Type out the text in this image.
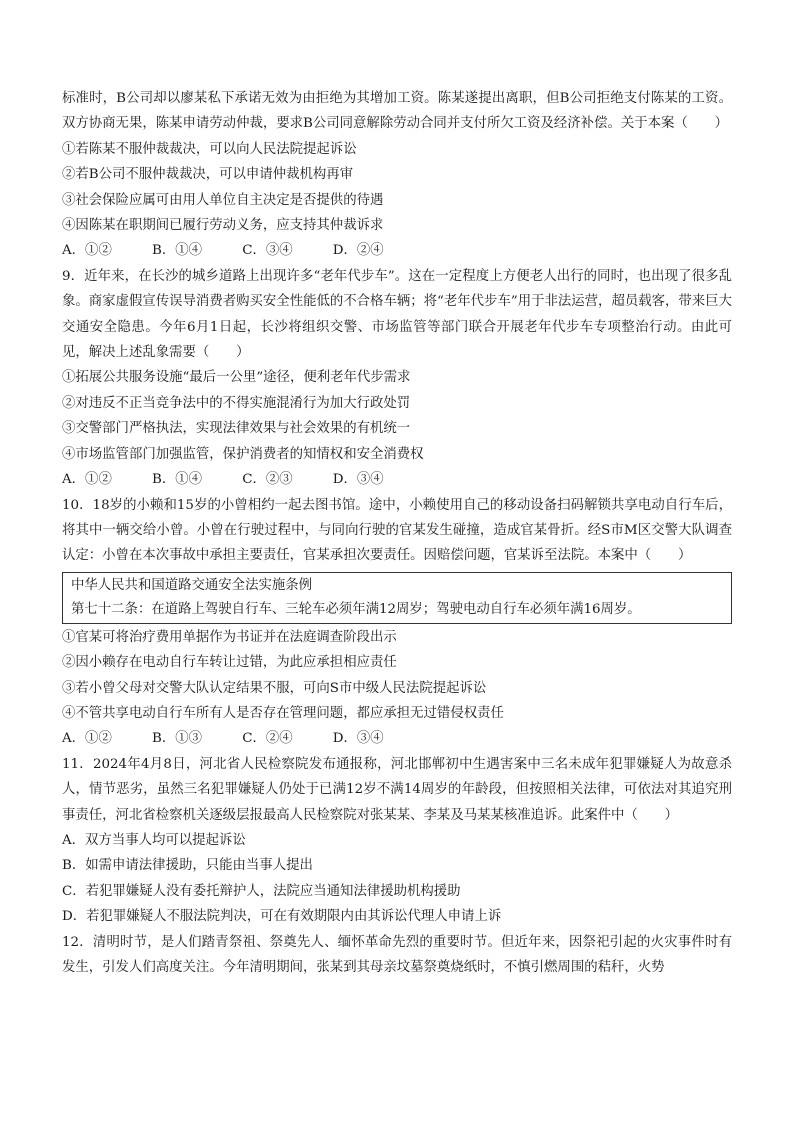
标准时，B公司却以廖某私下承诺无效为由拒绝为其增加工资。陈某遂提出离职，但B公司拒绝支付陈某的工资。双方协商无果，陈某申请劳动仲裁，要求B公司同意解除劳动合同并支付所欠工资及经济补偿。关于本案（　　）

①若陈某不服仲裁裁决，可以向人民法院提起诉讼

②若B公司不服仲裁裁决，可以申请仲裁机构再审

③社会保险应属可由用人单位自主决定是否提供的待遇

④因陈某在职期间已履行劳动义务，应支持其仲裁诉求

A．①②　　　B．①④　　　C．③④　　　D．②④

9．近年来，在长沙的城乡道路上出现许多“老年代步车”。这在一定程度上方便老人出行的同时，也出现了很多乱象。商家虚假宣传误导消费者购买安全性能低的不合格车辆；将“老年代步车”用于非法运营，超员载客，带来巨大交通安全隐患。今年6月1日起，长沙将组织交警、市场监管等部门联合开展老年代步车专项整治行动。由此可见，解决上述乱象需要（　　）

①拓展公共服务设施“最后一公里”途径，便利老年代步需求

②对违反不正当竞争法中的不得实施混淆行为加大行政处罚

③交警部门严格执法，实现法律效果与社会效果的有机统一

④市场监管部门加强监管，保护消费者的知情权和安全消费权

A．①②　　　B．①④　　　C．②③　　　D．③④

10．18岁的小赖和15岁的小曾相约一起去图书馆。途中，小赖使用自己的移动设备扫码解锁共享电动自行车后，将其中一辆交给小曾。小曾在行驶过程中，与同向行驶的官某发生碰撞，造成官某骨折。经S市M区交警大队调查认定：小曾在本次事故中承担主要责任，官某承担次要责任。因赔偿问题，官某诉至法院。本案中（　　）

中华人民共和国道路交通安全法实施条例
第七十二条：在道路上驾驶自行车、三轮车必须年满12周岁；驾驶电动自行车必须年满16周岁。

①官某可将治疗费用单据作为书证并在法庭调查阶段出示

②因小赖存在电动自行车转让过错，为此应承担相应责任

③若小曾父母对交警大队认定结果不服，可向S市中级人民法院提起诉讼

④不管共享电动自行车所有人是否存在管理问题，都应承担无过错侵权责任

A．①②　　　B．①③　　　C．②④　　　D．③④

11．2024年4月8日，河北省人民检察院发布通报称，河北邯郸初中生遇害案中三名未成年犯罪嫌疑人为故意杀人，情节恶劣，虽然三名犯罪嫌疑人仍处于已满12岁不满14周岁的年龄段，但按照相关法律，可依法对其追究刑事责任，河北省检察机关逐级层报最高人民检察院对张某某、李某及马某某核准追诉。此案件中（　　）

A．双方当事人均可以提起诉讼

B．如需申请法律援助，只能由当事人提出

C．若犯罪嫌疑人没有委托辩护人，法院应当通知法律援助机构援助

D．若犯罪嫌疑人不服法院判决，可在有效期限内由其诉讼代理人申请上诉

12．清明时节，是人们踏青祭祖、祭奠先人、缅怀革命先烈的重要时节。但近年来，因祭祀引起的火灾事件时有发生，引发人们高度关注。今年清明期间，张某到其母亲坟墓祭奠烧纸时，不慎引燃周围的秸秆，火势
